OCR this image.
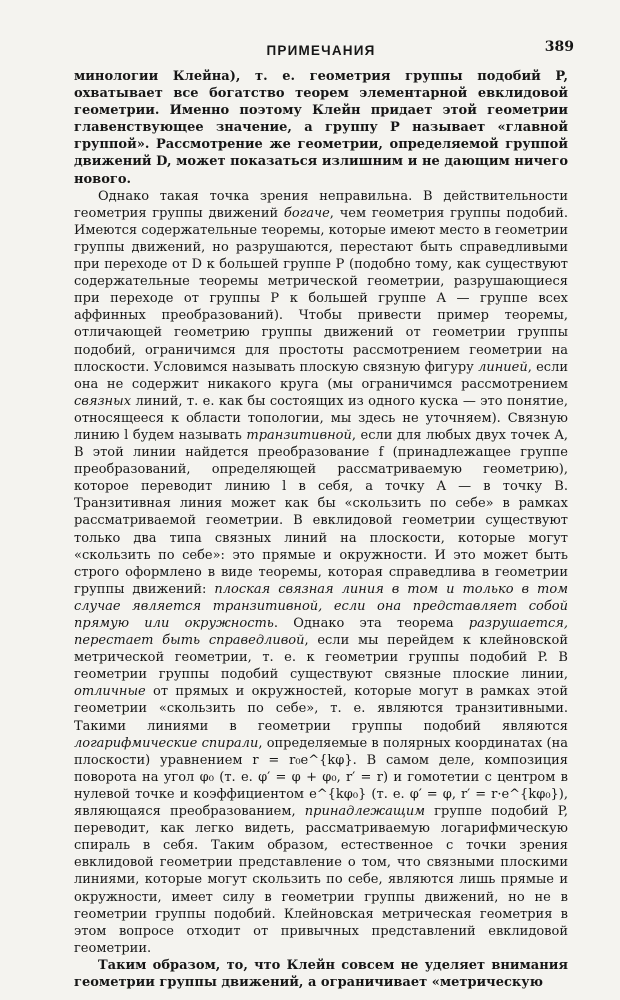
ПРИМЕЧАНИЯ	389

минологии Клейна), т. е. геометрия группы подобий P, охватывает все богатство теорем элементарной евклидовой геометрии. Именно поэтому Клейн придает этой геометрии главенствующее значение, а группу P называет «главной группой». Рассмотрение же геометрии, определяемой группой движений D, может показаться излишним и не дающим ничего нового.

Однако такая точка зрения неправильна. В действительности геометрия группы движений богаче, чем геометрия группы подобий. Имеются содержательные теоремы, которые имеют место в геометрии группы движений, но разрушаются, перестают быть справедливыми при переходе от D к большей группе P (подобно тому, как существуют содержательные теоремы метрической геометрии, разрушающиеся при переходе от группы P к большей группе A — группе всех аффинных преобразований). Чтобы привести пример теоремы, отличающей геометрию группы движений от геометрии группы подобий, ограничимся для простоты рассмотрением геометрии на плоскости. Условимся называть плоскую связную фигуру линией, если она не содержит никакого круга (мы ограничимся рассмотрением связных линий, т. е. как бы состоящих из одного куска — это понятие, относящееся к области топологии, мы здесь не уточняем). Связную линию l будем называть транзитивной, если для любых двух точек A, B этой линии найдется преобразование f (принадлежащее группе преобразований, определяющей рассматриваемую геометрию), которое переводит линию l в себя, а точку A — в точку B. Транзитивная линия может как бы «скользить по себе» в рамках рассматриваемой геометрии. В евклидовой геометрии существуют только два типа связных линий на плоскости, которые могут «скользить по себе»: это прямые и окружности. И это может быть строго оформлено в виде теоремы, которая справедлива в геометрии группы движений: плоская связная линия в том и только в том случае является транзитивной, если она представляет собой прямую или окружность. Однако эта теорема разрушается, перестает быть справедливой, если мы перейдем к клейновской метрической геометрии, т. е. к геометрии группы подобий P. В геометрии группы подобий существуют связные плоские линии, отличные от прямых и окружностей, которые могут в рамках этой геометрии «скользить по себе», т. е. являются транзитивными. Такими линиями в геометрии группы подобий являются логарифмические спирали, определяемые в полярных координатах (на плоскости) уравнением r = r₀e^{kφ}. В самом деле, композиция поворота на угол φ₀ (т. е. φ′ = φ + φ₀, r′ = r) и гомотетии с центром в нулевой точке и коэффициентом e^{kφ₀} (т. е. φ′ = φ, r′ = r·e^{kφ₀}), являющаяся преобразованием, принадлежащим группе подобий P, переводит, как легко видеть, рассматриваемую логарифмическую спираль в себя. Таким образом, естественное с точки зрения евклидовой геометрии представление о том, что связными плоскими линиями, которые могут скользить по себе, являются лишь прямые и окружности, имеет силу в геометрии группы движений, но не в геометрии группы подобий. Клейновская метрическая геометрия в этом вопросе отходит от привычных представлений евклидовой геометрии.

Таким образом, то, что Клейн совсем не уделяет внимания геометрии группы движений, а ограничивает «метрическую
